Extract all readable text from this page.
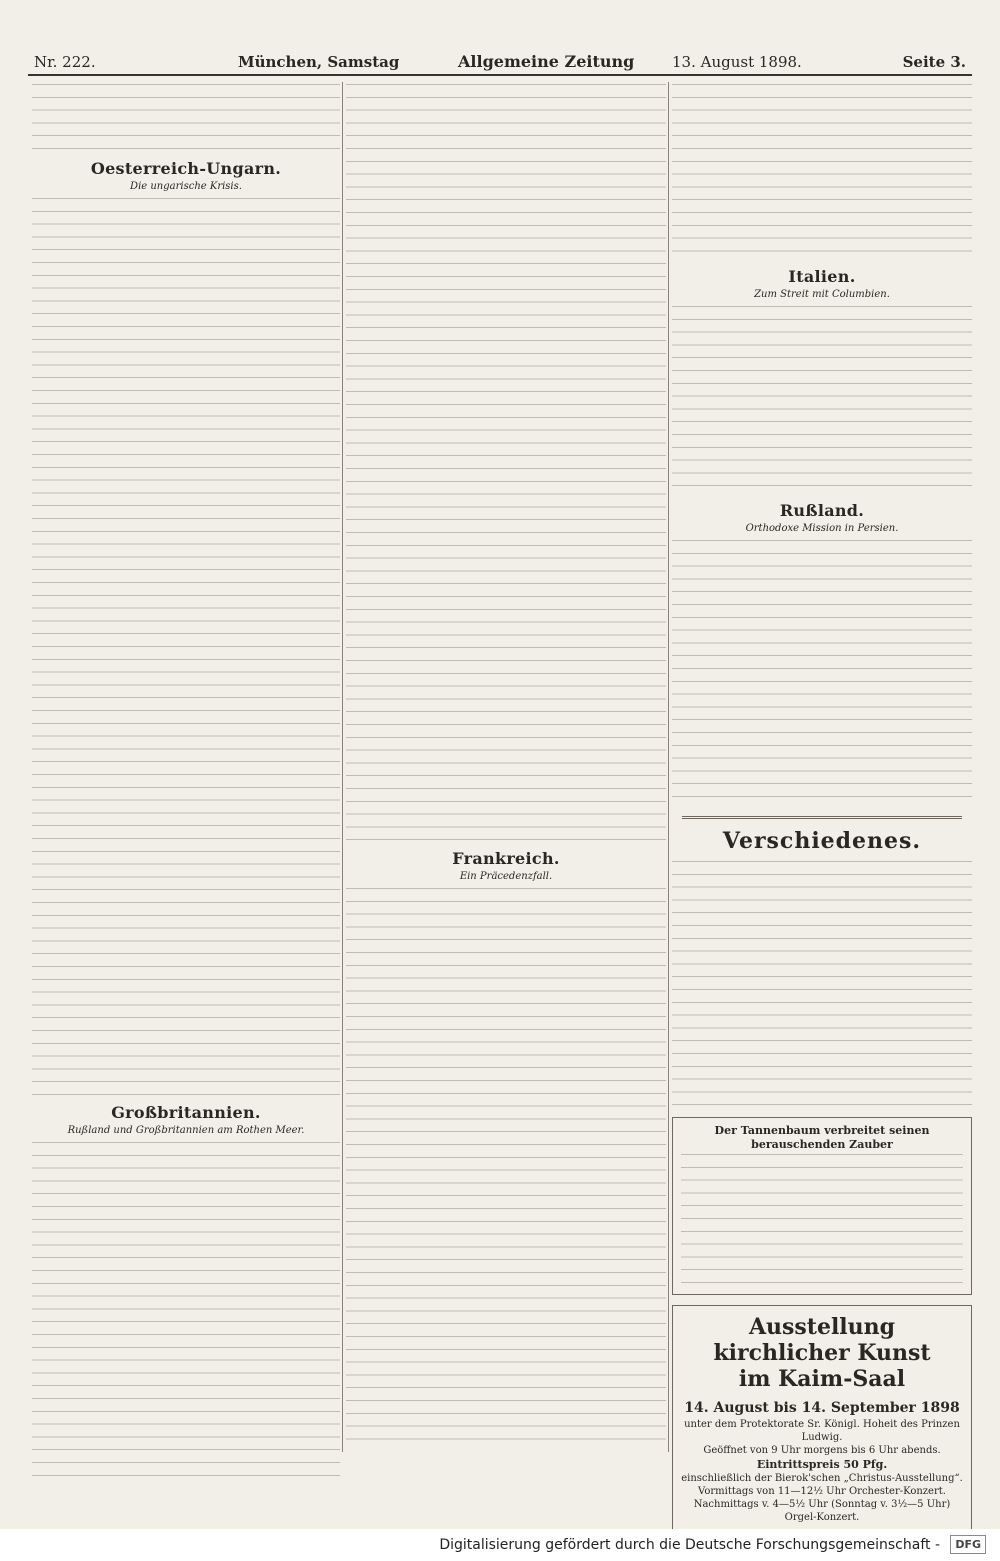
Nr. 222.	München, Samstag	Allgemeine Zeitung	13. August 1898.	Seite 3.
Oesterreich-Ungarn.
Die ungarische Krisis.
Großbritannien.
Rußland und Großbritannien am Rothen Meer.
Frankreich.
Ein Präcedenzfall.
Italien.
Zum Streit mit Columbien.
Rußland.
Orthodoxe Mission in Persien.
Verschiedenes.
Der Tannenbaum verbreitet seinen berauschenden Zauber
Ausstellung kirchlicher Kunst
im Kaim-Saal
14. August bis 14. September 1898
unter dem Protektorate Sr. Königl. Hoheit des Prinzen Ludwig.
Geöffnet von 9 Uhr morgens bis 6 Uhr abends.
Eintrittspreis 50 Pfg.
einschließlich der Bierok'schen „Christus-Ausstellung“.
Vormittags von 11—12½ Uhr Orchester-Konzert.
Nachmittags v. 4—5½ Uhr (Sonntag v. 3½—5 Uhr) Orgel-Konzert.
Digitalisierung gefördert durch die Deutsche Forschungsgemeinschaft -	DFG
